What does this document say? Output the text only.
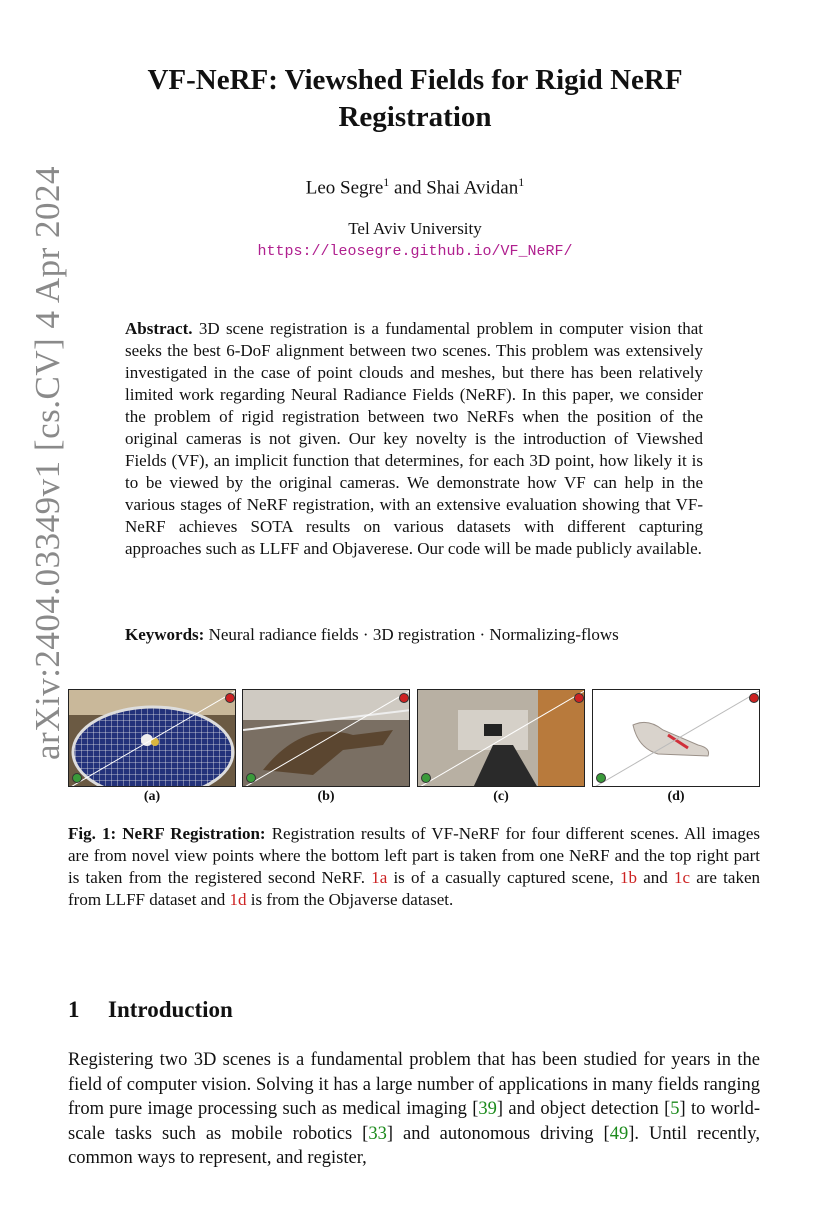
arXiv:2404.03349v1 [cs.CV] 4 Apr 2024
VF-NeRF: Viewshed Fields for Rigid NeRF Registration
Leo Segre$^1$ and Shai Avidan$^1$
Tel Aviv University
https://leosegre.github.io/VF_NeRF/
Abstract. 3D scene registration is a fundamental problem in computer vision that seeks the best 6-DoF alignment between two scenes. This problem was extensively investigated in the case of point clouds and meshes, but there has been relatively limited work regarding Neural Radiance Fields (NeRF). In this paper, we consider the problem of rigid registration between two NeRFs when the position of the original cameras is not given. Our key novelty is the introduction of Viewshed Fields (VF), an implicit function that determines, for each 3D point, how likely it is to be viewed by the original cameras. We demonstrate how VF can help in the various stages of NeRF registration, with an extensive evaluation showing that VF-NeRF achieves SOTA results on various datasets with different capturing approaches such as LLFF and Objaverese. Our code will be made publicly available.
Keywords: Neural radiance fields · 3D registration · Normalizing-flows
(a)	(b)	(c)	(d)
Fig. 1: NeRF Registration: Registration results of VF-NeRF for four different scenes. All images are from novel view points where the bottom left part is taken from one NeRF and the top right part is taken from the registered second NeRF. 1a is of a casually captured scene, 1b and 1c are taken from LLFF dataset and 1d is from the Objaverse dataset.
1 Introduction
Registering two 3D scenes is a fundamental problem that has been studied for years in the field of computer vision. Solving it has a large number of applications in many fields ranging from pure image processing such as medical imaging [39] and object detection [5] to world-scale tasks such as mobile robotics [33] and autonomous driving [49]. Until recently, common ways to represent, and register,
